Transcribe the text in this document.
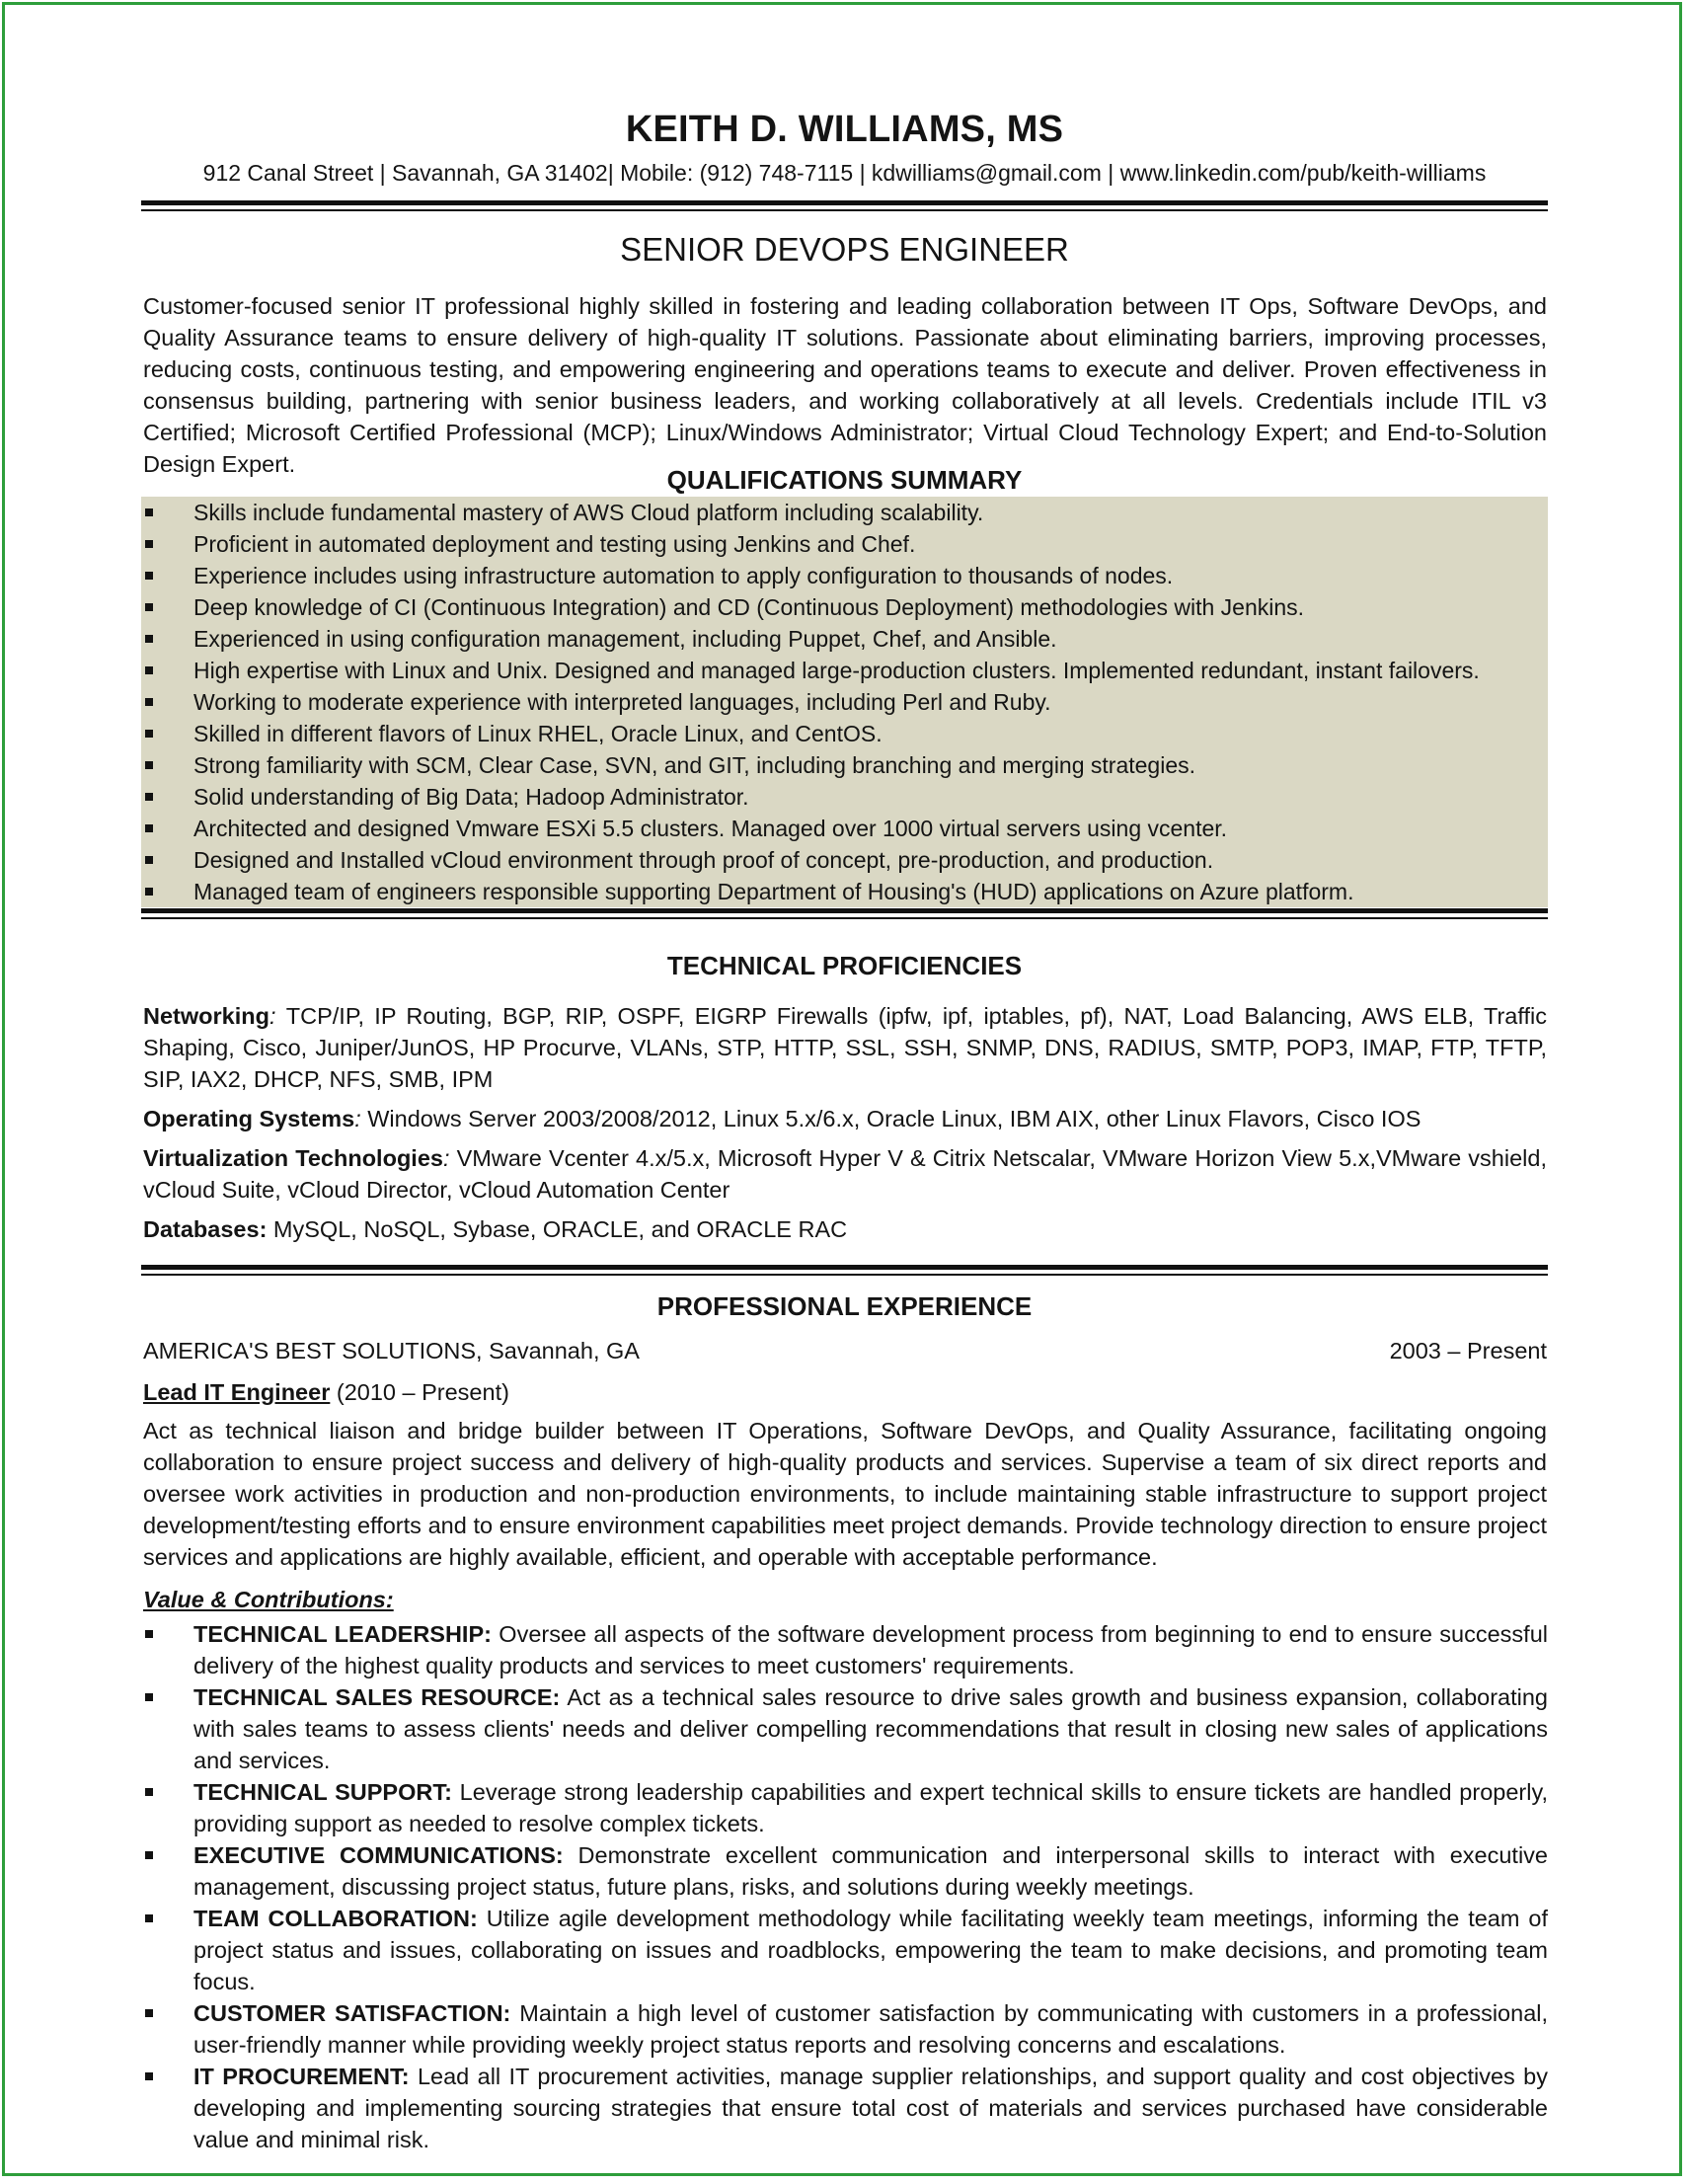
KEITH D. WILLIAMS, MS
912 Canal Street | Savannah, GA 31402| Mobile: (912) 748-7115 | kdwilliams@gmail.com | www.linkedin.com/pub/keith-williams
SENIOR DEVOPS ENGINEER

Customer-focused senior IT professional highly skilled in fostering and leading collaboration between IT Ops, Software DevOps, and Quality Assurance teams to ensure delivery of high-quality IT solutions. Passionate about eliminating barriers, improving processes, reducing costs, continuous testing, and empowering engineering and operations teams to execute and deliver. Proven effectiveness in consensus building, partnering with senior business leaders, and working collaboratively at all levels. Credentials include ITIL v3 Certified; Microsoft Certified Professional (MCP); Linux/Windows Administrator; Virtual Cloud Technology Expert; and End-to-Solution Design Expert.

QUALIFICATIONS SUMMARY
Skills include fundamental mastery of AWS Cloud platform including scalability.
Proficient in automated deployment and testing using Jenkins and Chef.
Experience includes using infrastructure automation to apply configuration to thousands of nodes.
Deep knowledge of CI (Continuous Integration) and CD (Continuous Deployment) methodologies with Jenkins.
Experienced in using configuration management, including Puppet, Chef, and Ansible.
High expertise with Linux and Unix. Designed and managed large-production clusters. Implemented redundant, instant failovers.
Working to moderate experience with interpreted languages, including Perl and Ruby.
Skilled in different flavors of Linux RHEL, Oracle Linux, and CentOS.
Strong familiarity with SCM, Clear Case, SVN, and GIT, including branching and merging strategies.
Solid understanding of Big Data; Hadoop Administrator.
Architected and designed Vmware ESXi 5.5 clusters. Managed over 1000 virtual servers using vcenter.
Designed and Installed vCloud environment through proof of concept, pre-production, and production.
Managed team of engineers responsible supporting Department of Housing's (HUD) applications on Azure platform.
TECHNICAL PROFICIENCIES

Networking: TCP/IP, IP Routing, BGP, RIP, OSPF, EIGRP Firewalls (ipfw, ipf, iptables, pf), NAT, Load Balancing, AWS ELB, Traffic Shaping, Cisco, Juniper/JunOS, HP Procurve, VLANs, STP, HTTP, SSL, SSH, SNMP, DNS, RADIUS, SMTP, POP3, IMAP, FTP, TFTP, SIP, IAX2, DHCP, NFS, SMB, IPM

Operating Systems: Windows Server 2003/2008/2012, Linux 5.x/6.x, Oracle Linux, IBM AIX, other Linux Flavors, Cisco IOS

Virtualization Technologies: VMware Vcenter 4.x/5.x, Microsoft Hyper V & Citrix Netscalar, VMware Horizon View 5.x,VMware vshield, vCloud Suite, vCloud Director, vCloud Automation Center

Databases: MySQL, NoSQL, Sybase, ORACLE, and ORACLE RAC

PROFESSIONAL EXPERIENCE
AMERICA'S BEST SOLUTIONS, Savannah, GA	2003 – Present
Lead IT Engineer (2010 – Present)

Act as technical liaison and bridge builder between IT Operations, Software DevOps, and Quality Assurance, facilitating ongoing collaboration to ensure project success and delivery of high-quality products and services. Supervise a team of six direct reports and oversee work activities in production and non-production environments, to include maintaining stable infrastructure to support project development/testing efforts and to ensure environment capabilities meet project demands. Provide technology direction to ensure project services and applications are highly available, efficient, and operable with acceptable performance.

Value & Contributions:
TECHNICAL LEADERSHIP: Oversee all aspects of the software development process from beginning to end to ensure successful delivery of the highest quality products and services to meet customers' requirements.
TECHNICAL SALES RESOURCE: Act as a technical sales resource to drive sales growth and business expansion, collaborating with sales teams to assess clients' needs and deliver compelling recommendations that result in closing new sales of applications and services.
TECHNICAL SUPPORT: Leverage strong leadership capabilities and expert technical skills to ensure tickets are handled properly, providing support as needed to resolve complex tickets.
EXECUTIVE COMMUNICATIONS: Demonstrate excellent communication and interpersonal skills to interact with executive management, discussing project status, future plans, risks, and solutions during weekly meetings.
TEAM COLLABORATION: Utilize agile development methodology while facilitating weekly team meetings, informing the team of project status and issues, collaborating on issues and roadblocks, empowering the team to make decisions, and promoting team focus.
CUSTOMER SATISFACTION: Maintain a high level of customer satisfaction by communicating with customers in a professional, user-friendly manner while providing weekly project status reports and resolving concerns and escalations.
IT PROCUREMENT: Lead all IT procurement activities, manage supplier relationships, and support quality and cost objectives by developing and implementing sourcing strategies that ensure total cost of materials and services purchased have considerable value and minimal risk.
